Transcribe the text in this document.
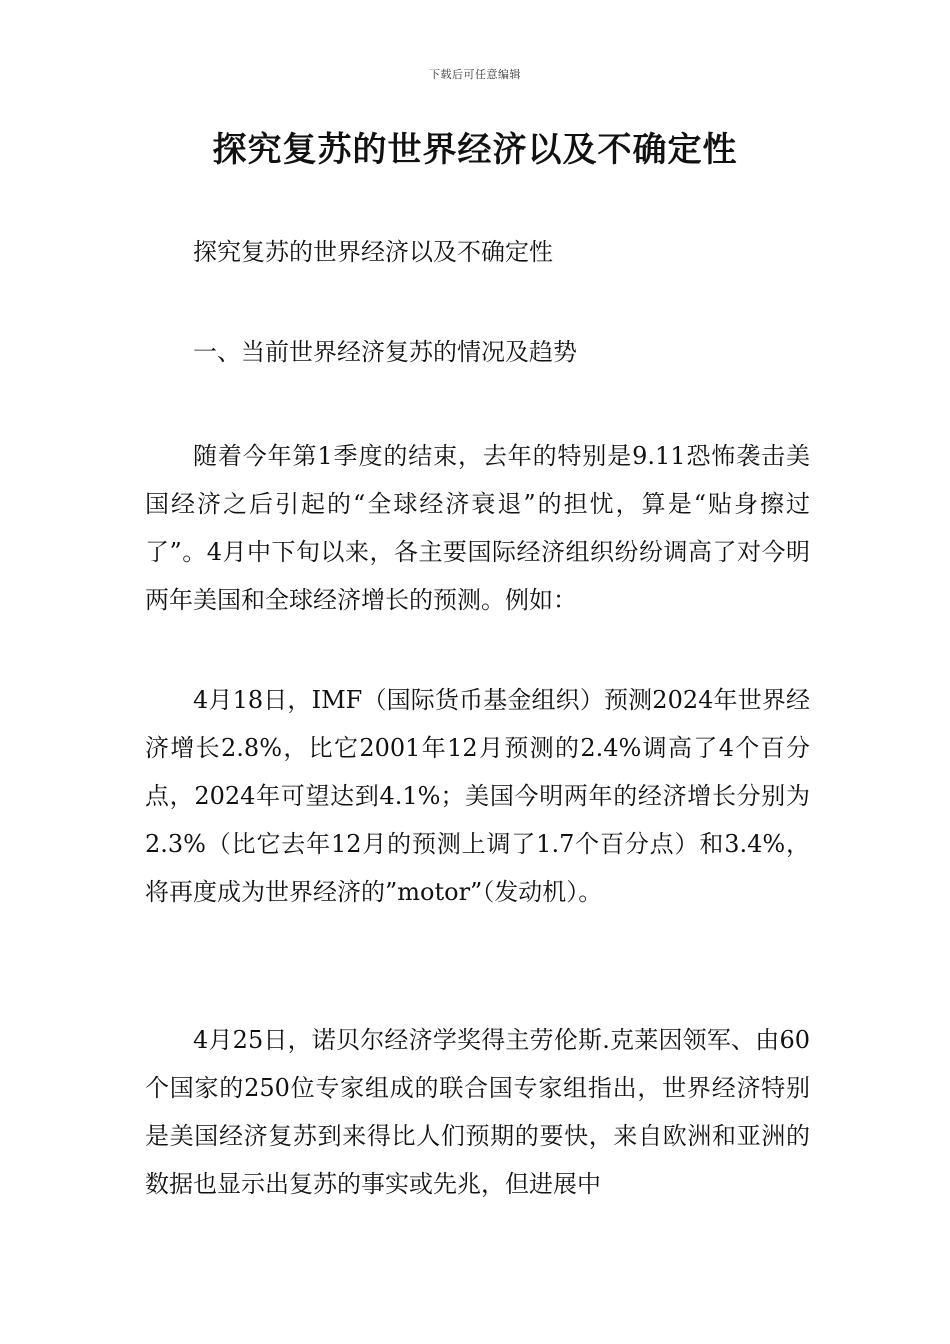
下载后可任意编辑
探究复苏的世界经济以及不确定性

探究复苏的世界经济以及不确定性

一、当前世界经济复苏的情况及趋势

随着今年第1季度的结束，去年的特别是9.11恐怖袭击美国经济之后引起的“全球经济衰退”的担忧，算是“贴身擦过了”。4月中下旬以来，各主要国际经济组织纷纷调高了对今明两年美国和全球经济增长的预测。例如：

4月18日，IMF（国际货币基金组织）预测2024年世界经济增长2.8%，比它2001年12月预测的2.4%调高了4个百分点，2024年可望达到4.1%；美国今明两年的经济增长分别为2.3%（比它去年12月的预测上调了1.7个百分点）和3.4%，将再度成为世界经济的”motor”（发动机）。

4月25日，诺贝尔经济学奖得主劳伦斯.克莱因领军、由60个国家的250位专家组成的联合国专家组指出，世界经济特别是美国经济复苏到来得比人们预期的要快，来自欧洲和亚洲的数据也显示出复苏的事实或先兆，但进展中
